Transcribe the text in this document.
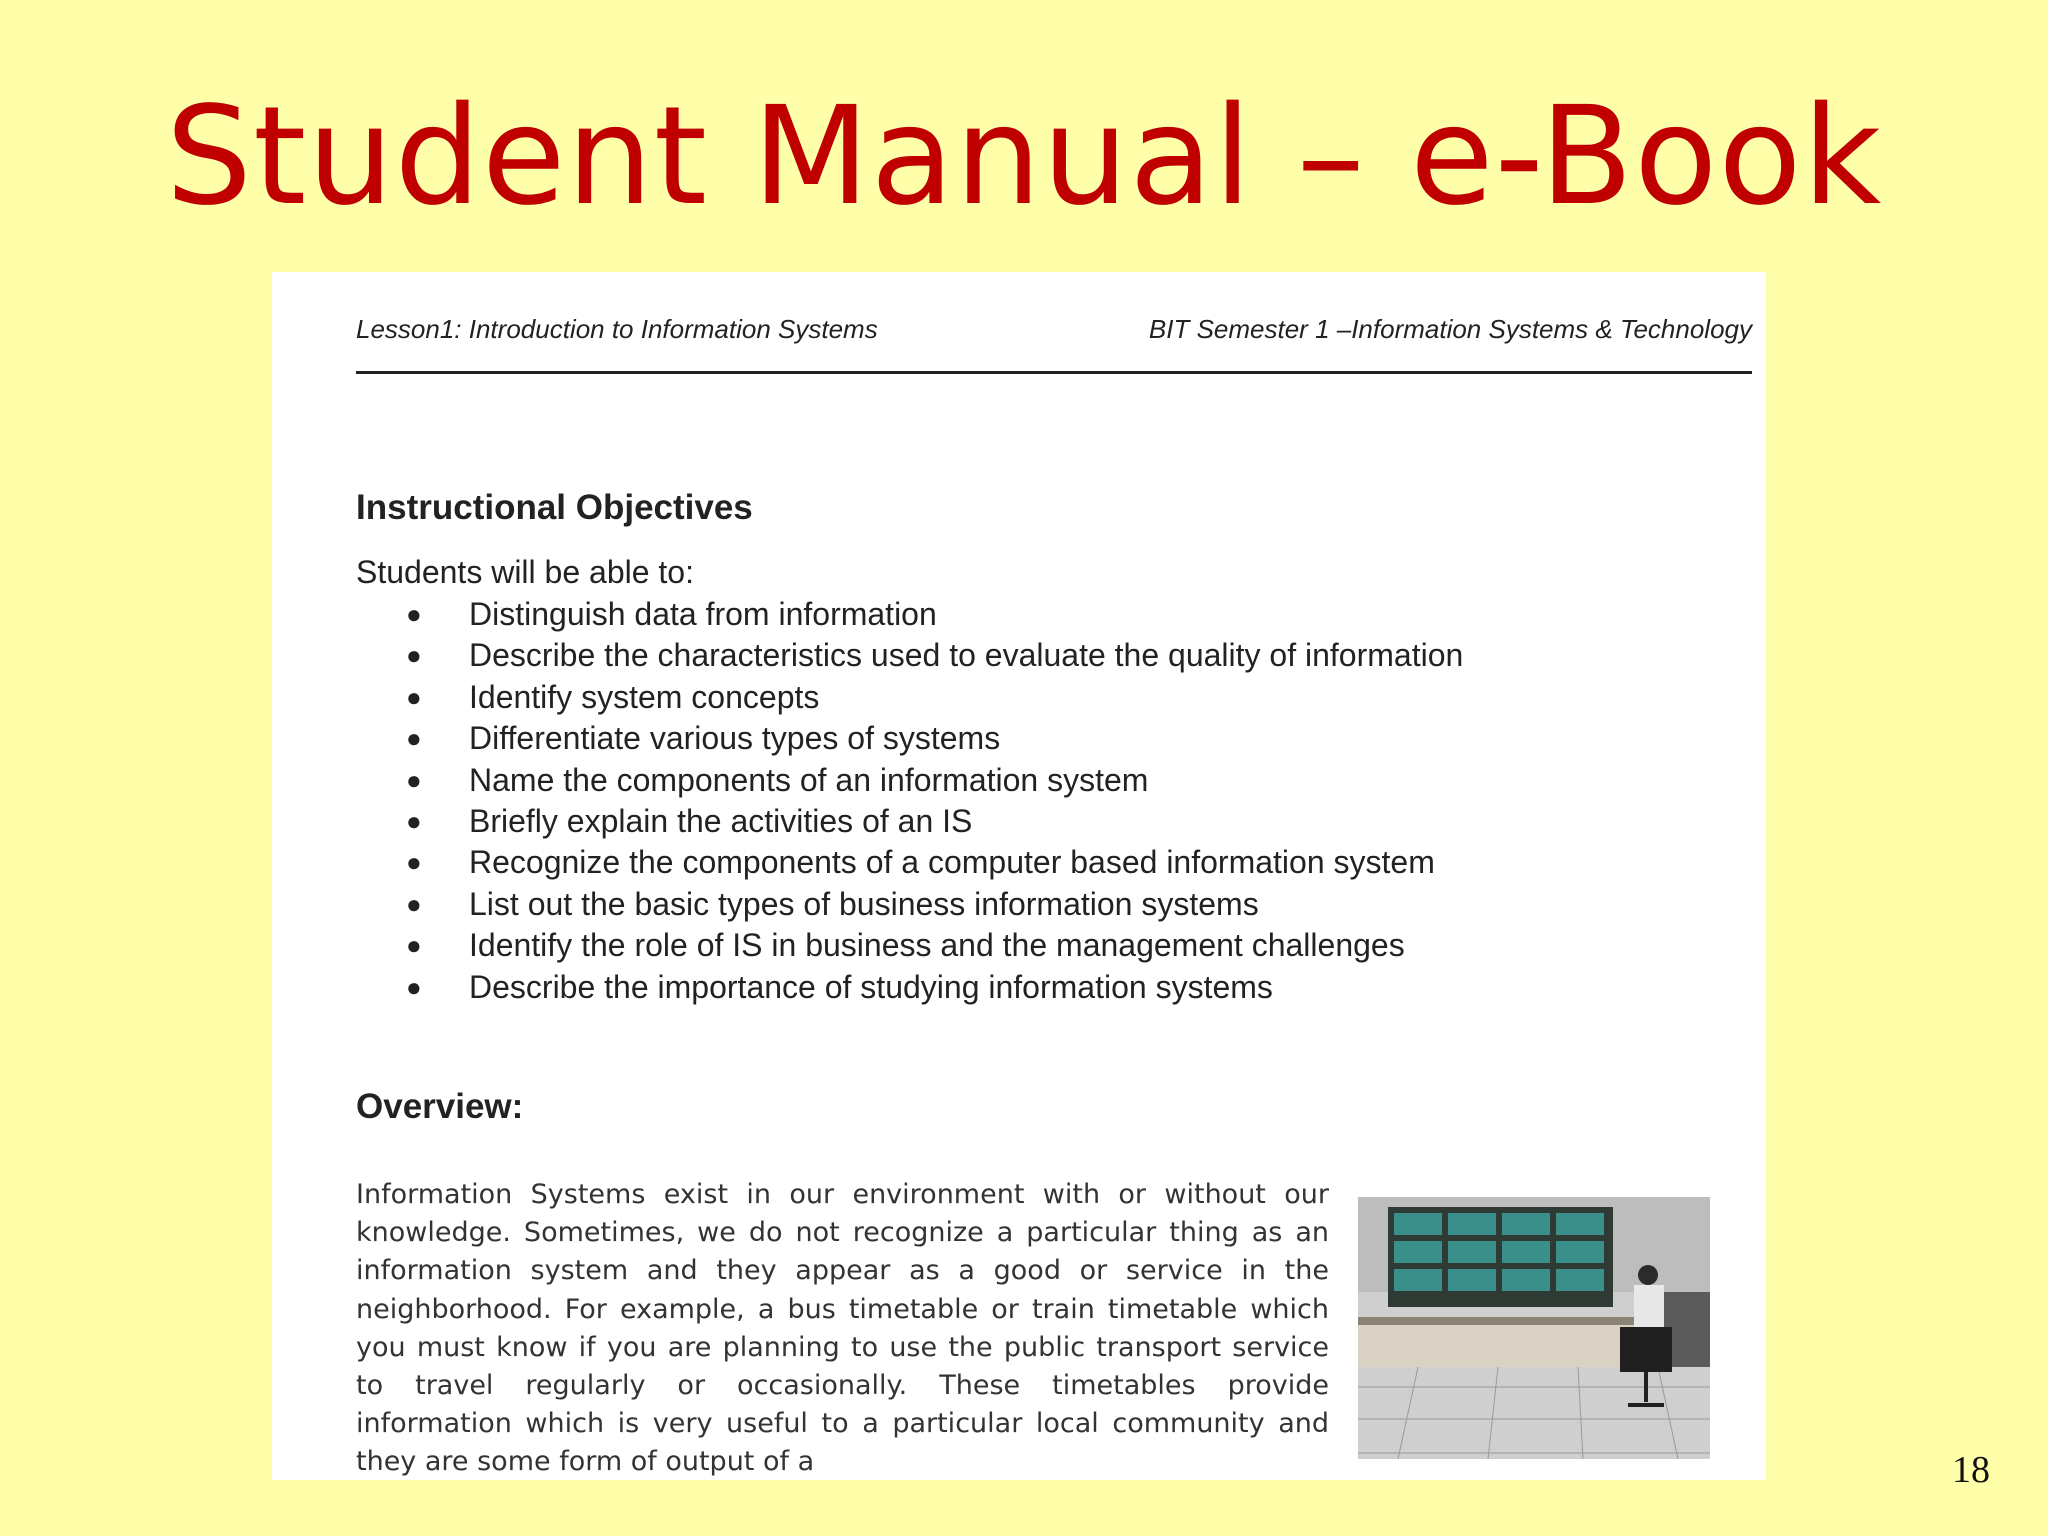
Student Manual – e-Book
Lesson1: Introduction to Information Systems	BIT Semester 1 –Information Systems & Technology
Instructional Objectives
Students will be able to:
● Distinguish data from information
● Describe the characteristics used to evaluate the quality of information
● Identify system concepts
● Differentiate various types of systems
● Name the components of an information system
● Briefly explain the activities of an IS
● Recognize the components of a computer based information system
● List out the basic types of business information systems
● Identify the role of IS in business and the management challenges
● Describe the importance of studying information systems
Overview:

Information Systems exist in our environment with or without our knowledge. Sometimes, we do not recognize a particular thing as an information system and they appear as a good or service in the neighborhood. For example, a bus timetable or train timetable which you must know if you are planning to use the public transport service to travel regularly or occasionally. These timetables provide information which is very useful to a particular local community and they are some form of output of a	18
